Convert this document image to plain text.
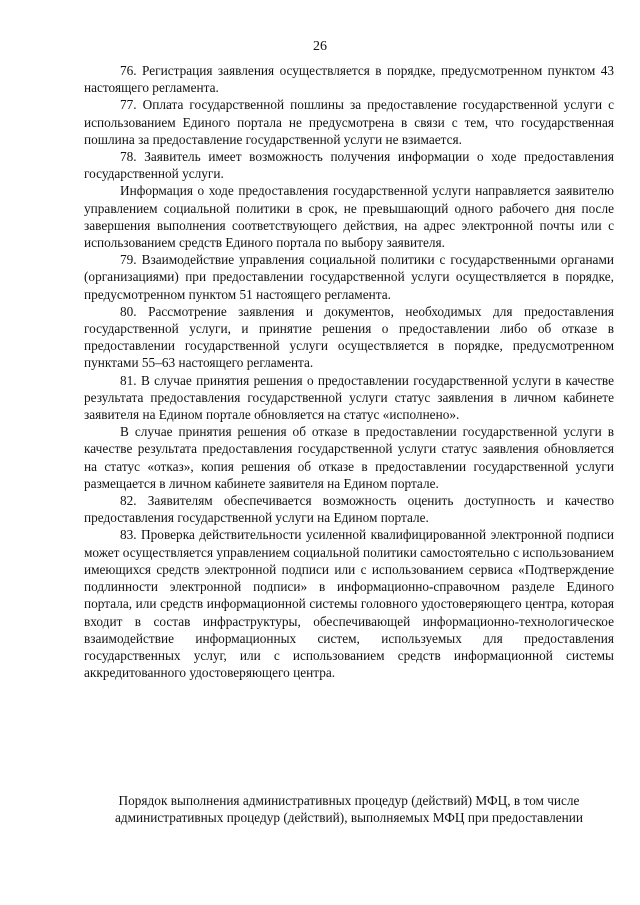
26

76. Регистрация заявления осуществляется в порядке, предусмотренном пунктом 43 настоящего регламента.

77. Оплата государственной пошлины за предоставление государственной услуги с использованием Единого портала не предусмотрена в связи с тем, что государственная пошлина за предоставление государственной услуги не взимается.

78. Заявитель имеет возможность получения информации о ходе предоставления государственной услуги.

Информация о ходе предоставления государственной услуги направляется заявителю управлением социальной политики в срок, не превышающий одного рабочего дня после завершения выполнения соответствующего действия, на адрес электронной почты или с использованием средств Единого портала по выбору заявителя.

79. Взаимодействие управления социальной политики с государственными органами (организациями) при предоставлении государственной услуги осуществляется в порядке, предусмотренном пунктом 51 настоящего регламента.

80. Рассмотрение заявления и документов, необходимых для предоставления государственной услуги, и принятие решения о предоставлении либо об отказе в предоставлении государственной услуги осуществляется в порядке, предусмотренном пунктами 55–63 настоящего регламента.

81. В случае принятия решения о предоставлении государственной услуги в качестве результата предоставления государственной услуги статус заявления в личном кабинете заявителя на Едином портале обновляется на статус «исполнено».

В случае принятия решения об отказе в предоставлении государственной услуги в качестве результата предоставления государственной услуги статус заявления обновляется на статус «отказ», копия решения об отказе в предоставлении государственной услуги размещается в личном кабинете заявителя на Едином портале.

82. Заявителям обеспечивается возможность оценить доступность и качество предоставления государственной услуги на Едином портале.

83. Проверка действительности усиленной квалифицированной электронной подписи может осуществляется управлением социальной политики самостоятельно с использованием имеющихся средств электронной подписи или с использованием сервиса «Подтверждение подлинности электронной подписи» в информационно-справочном разделе Единого портала, или средств информационной системы головного удостоверяющего центра, которая входит в состав инфраструктуры, обеспечивающей информационно-технологическое взаимодействие информационных систем, используемых для предоставления государственных услуг, или с использованием средств информационной системы аккредитованного удостоверяющего центра.

Порядок выполнения административных процедур (действий) МФЦ, в том числе
административных процедур (действий), выполняемых МФЦ при предоставлении
